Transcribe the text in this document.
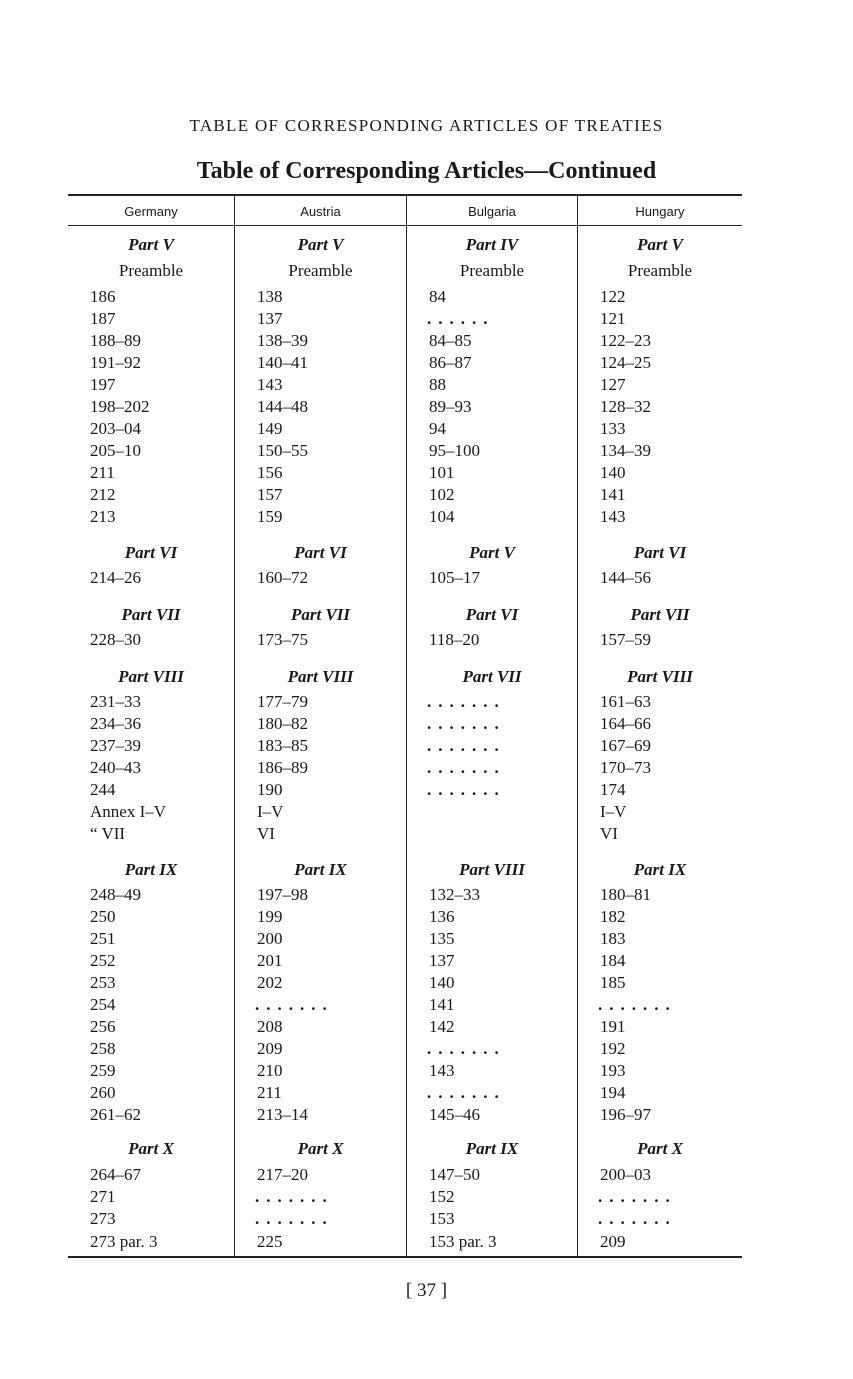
TABLE OF CORRESPONDING ARTICLES OF TREATIES
Table of Corresponding Articles—Continued
Germany
Part V
Preamble
186
187
188–89
191–92
197
198–202
203–04
205–10
211
212
213
Part VI
214–26
Part VII
228–30
Part VIII
231–33
234–36
237–39
240–43
244
Annex I–V
“ VII
Part IX
248–49
250
251
252
253
254
256
258
259
260
261–62
Part X
264–67
271
273
273 par. 3
Austria
Part V
Preamble
138
137
138–39
140–41
143
144–48
149
150–55
156
157
159
Part VI
160–72
Part VII
173–75
Part VIII
177–79
180–82
183–85
186–89
190
I–V
VI
Part IX
197–98
199
200
201
202
.......
208
209
210
211
213–14
Part X
217–20
.......
.......
225
Bulgaria
Part IV
Preamble
84
......
84–85
86–87
88
89–93
94
95–100
101
102
104
Part V
105–17
Part VI
118–20
Part VII
.......
.......
.......
.......
.......
Part VIII
132–33
136
135
137
140
141
142
.......
143
.......
145–46
Part IX
147–50
152
153
153 par. 3
Hungary
Part V
Preamble
122
121
122–23
124–25
127
128–32
133
134–39
140
141
143
Part VI
144–56
Part VII
157–59
Part VIII
161–63
164–66
167–69
170–73
174
I–V
VI
Part IX
180–81
182
183
184
185
.......
191
192
193
194
196–97
Part X
200–03
.......
.......
209
[ 37 ]
